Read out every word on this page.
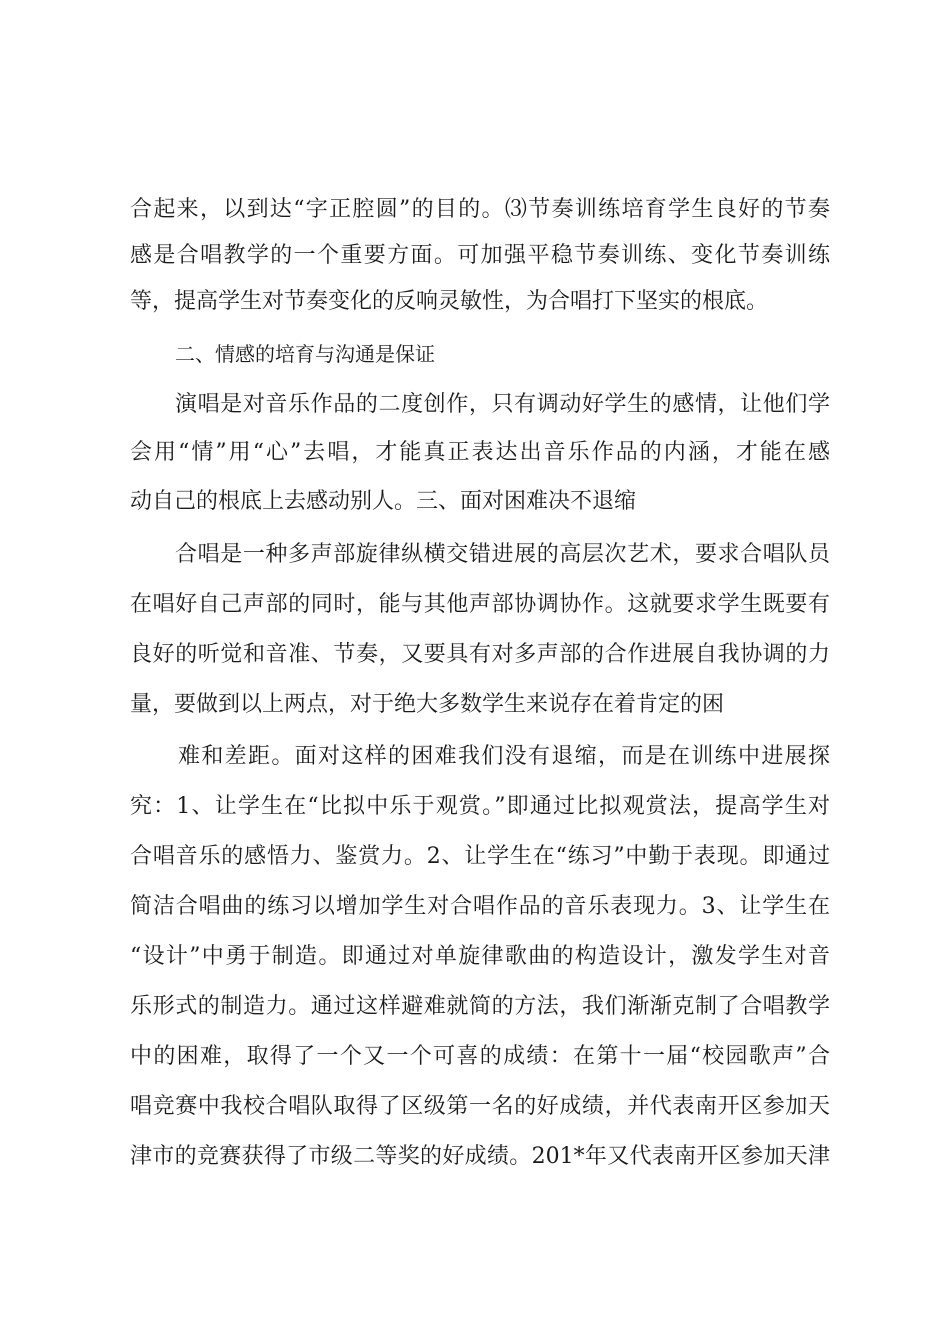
合起来，以到达“字正腔圆”的目的。⑶节奏训练培育学生良好的节奏
感是合唱教学的一个重要方面。可加强平稳节奏训练、变化节奏训练
等，提高学生对节奏变化的反响灵敏性，为合唱打下坚实的根底。
二、情感的培育与沟通是保证
演唱是对音乐作品的二度创作，只有调动好学生的感情，让他们学
会用“情”用“心”去唱，才能真正表达出音乐作品的内涵，才能在感
动自己的根底上去感动别人。三、面对困难决不退缩
合唱是一种多声部旋律纵横交错进展的高层次艺术，要求合唱队员
在唱好自己声部的同时，能与其他声部协调协作。这就要求学生既要有
良好的听觉和音准、节奏，又要具有对多声部的合作进展自我协调的力
量，要做到以上两点，对于绝大多数学生来说存在着肯定的困
难和差距。面对这样的困难我们没有退缩，而是在训练中进展探
究：1、让学生在“比拟中乐于观赏。”即通过比拟观赏法，提高学生对
合唱音乐的感悟力、鉴赏力。2、让学生在“练习”中勤于表现。即通过
简洁合唱曲的练习以增加学生对合唱作品的音乐表现力。3、让学生在
“设计”中勇于制造。即通过对单旋律歌曲的构造设计，激发学生对音
乐形式的制造力。通过这样避难就简的方法，我们渐渐克制了合唱教学
中的困难，取得了一个又一个可喜的成绩：在第十一届“校园歌声”合
唱竞赛中我校合唱队取得了区级第一名的好成绩，并代表南开区参加天
津市的竞赛获得了市级二等奖的好成绩。201*年又代表南开区参加天津
